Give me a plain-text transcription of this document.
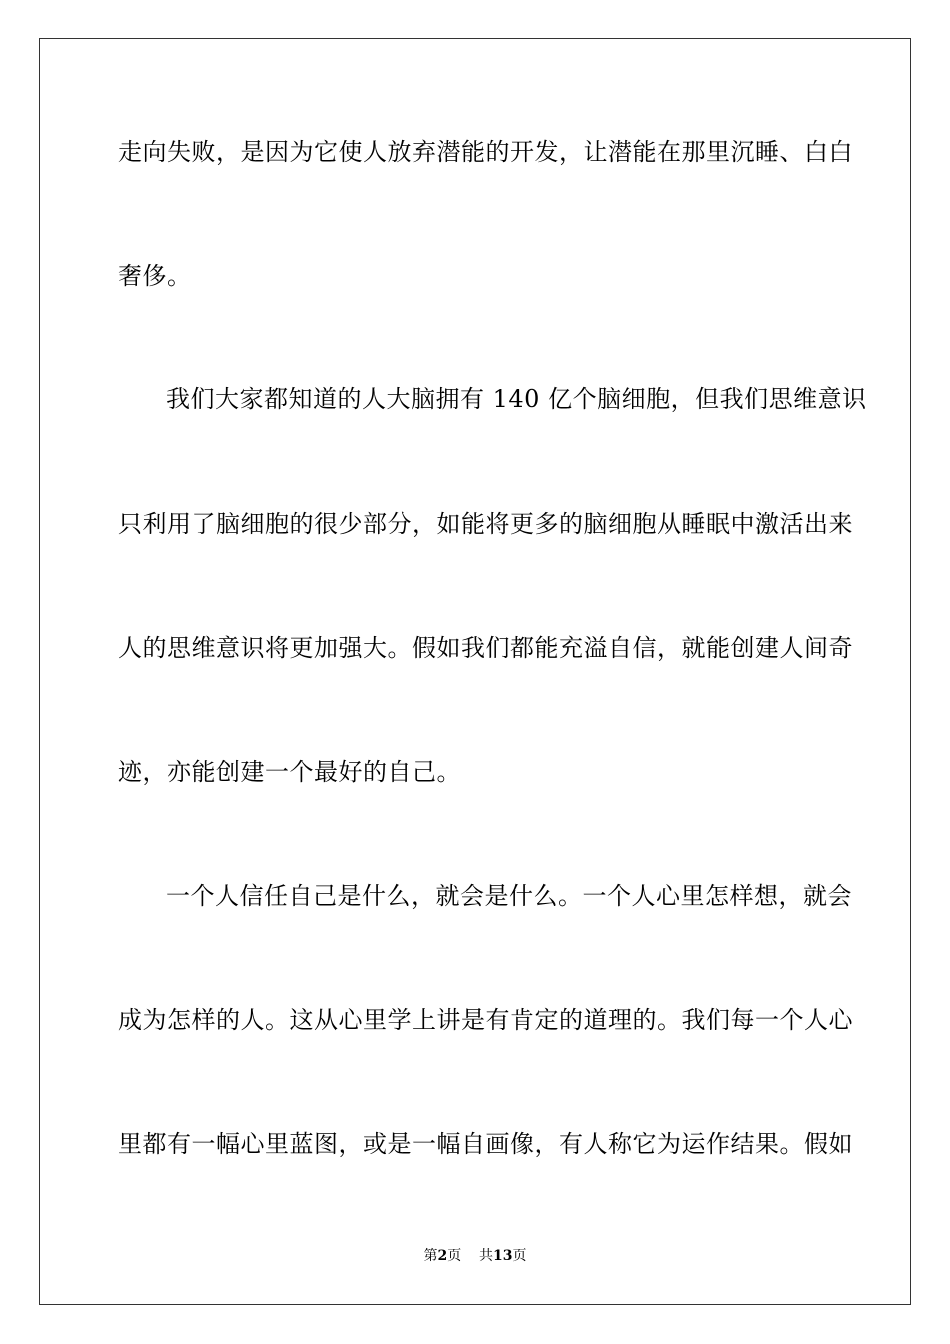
走向失败，是因为它使人放弃潜能的开发，让潜能在那里沉睡、白白
奢侈。
我们大家都知道的人大脑拥有 140 亿个脑细胞，但我们思维意识
只利用了脑细胞的很少部分，如能将更多的脑细胞从睡眠中激活出来
人的思维意识将更加强大。假如我们都能充溢自信，就能创建人间奇
迹，亦能创建一个最好的自己。
一个人信任自己是什么，就会是什么。一个人心里怎样想，就会
成为怎样的人。这从心里学上讲是有肯定的道理的。我们每一个人心
里都有一幅心里蓝图，或是一幅自画像，有人称它为运作结果。假如
第2页 共13页
